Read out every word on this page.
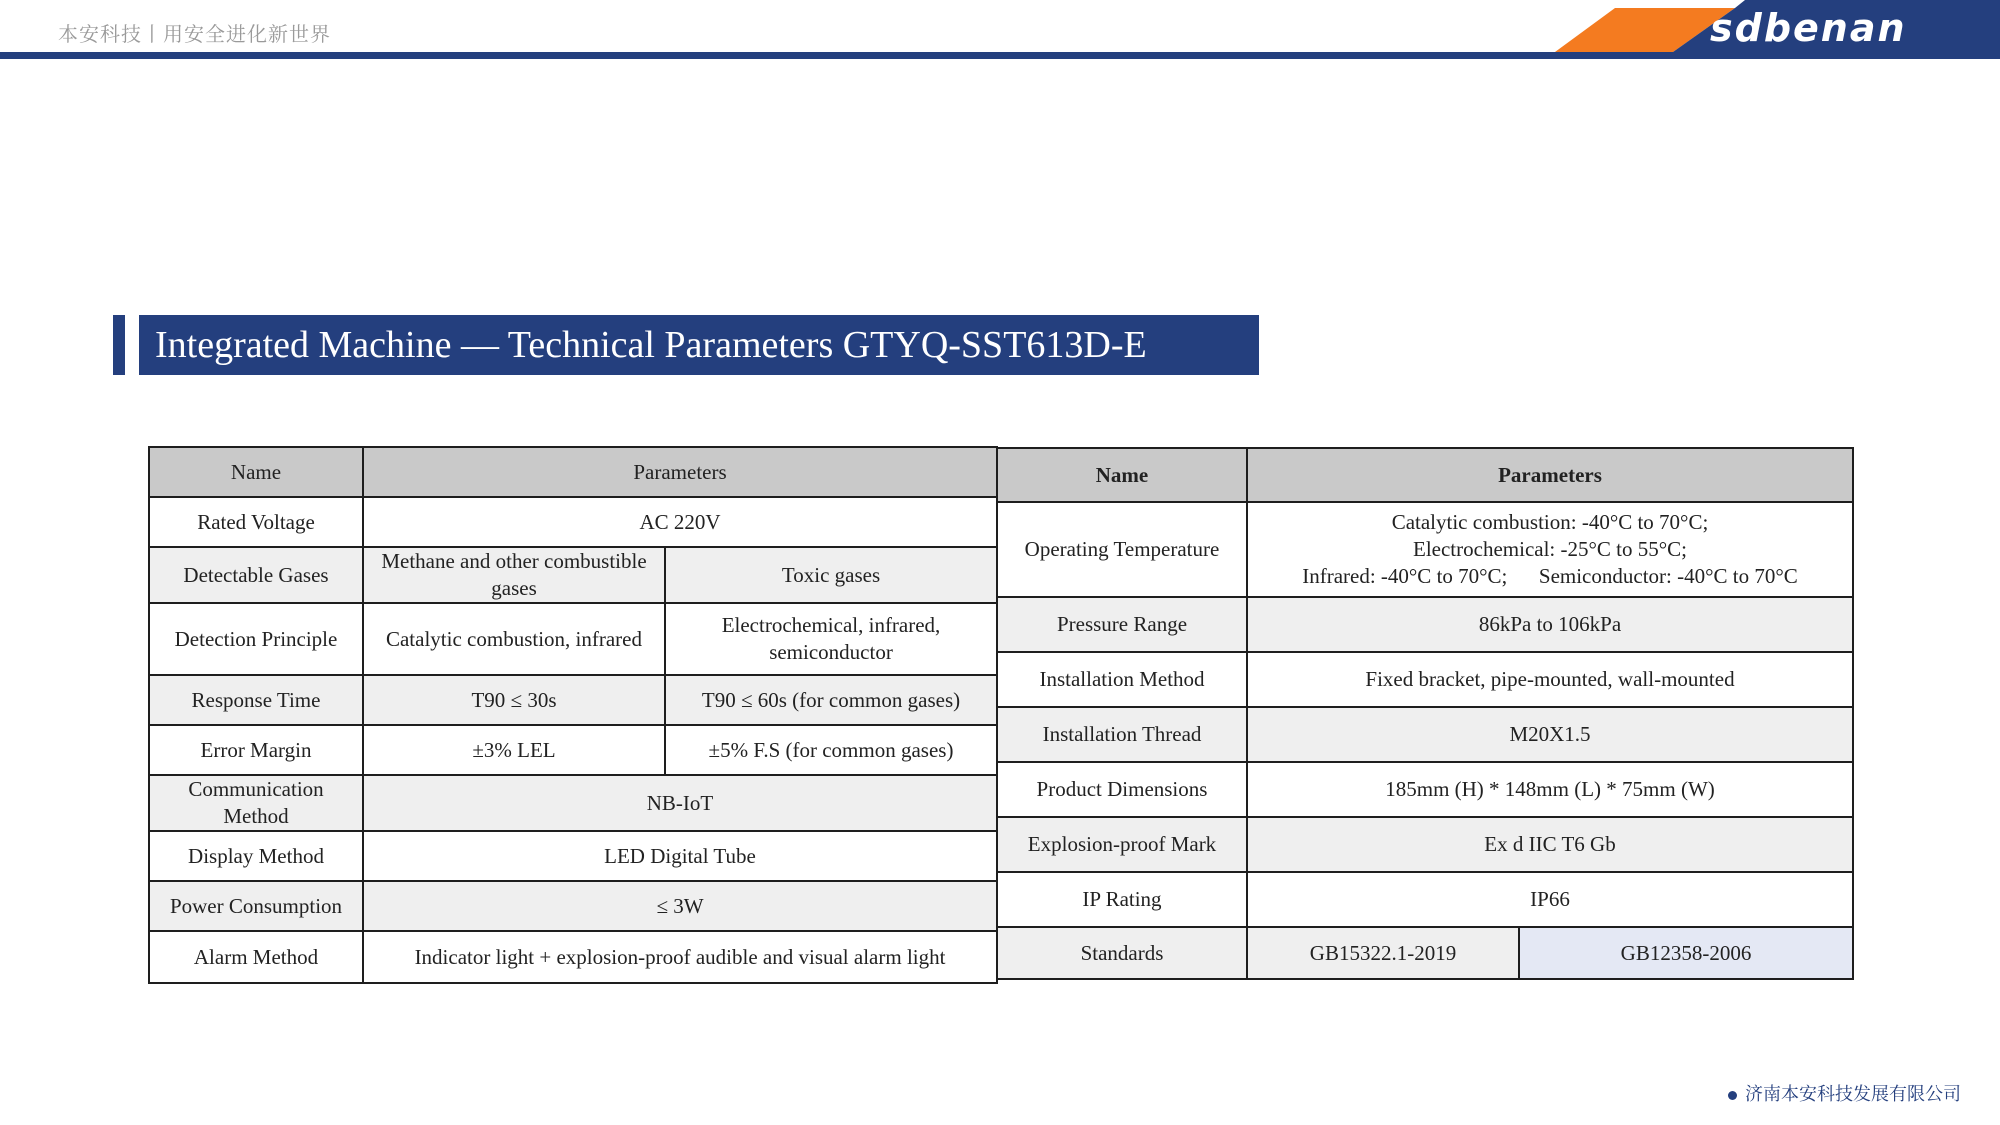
本安科技丨用安全进化新世界	sdbenan
Integrated Machine — Technical Parameters GTYQ-SST613D-E
Name	Parameters	
Rated Voltage	AC 220V	
Detectable Gases	Methane and other combustible gases	Toxic gases
Detection Principle	Catalytic combustion, infrared	Electrochemical, infrared, semiconductor
Response Time	T90 ≤ 30s	T90 ≤ 60s (for common gases)
Error Margin	±3% LEL	±5% F.S (for common gases)
Communication Method	NB-IoT	
Display Method	LED Digital Tube	
Power Consumption	≤ 3W	
Alarm Method	Indicator light + explosion-proof audible and visual alarm light	
Name	Parameters	
Operating Temperature	Catalytic combustion: -40°C to 70°C;
Electrochemical: -25°C to 55°C;
Infrared: -40°C to 70°C; Semiconductor: -40°C to 70°C	

Pressure Range	86kPa to 106kPa	
Installation Method	Fixed bracket, pipe-mounted, wall-mounted	
Installation Thread	M20X1.5	
Product Dimensions	185mm (H) * 148mm (L) * 75mm (W)	
Explosion-proof Mark	Ex d IIC T6 Gb	
IP Rating	IP66	
Standards	GB15322.1-2019	GB12358-2006
济南本安科技发展有限公司
